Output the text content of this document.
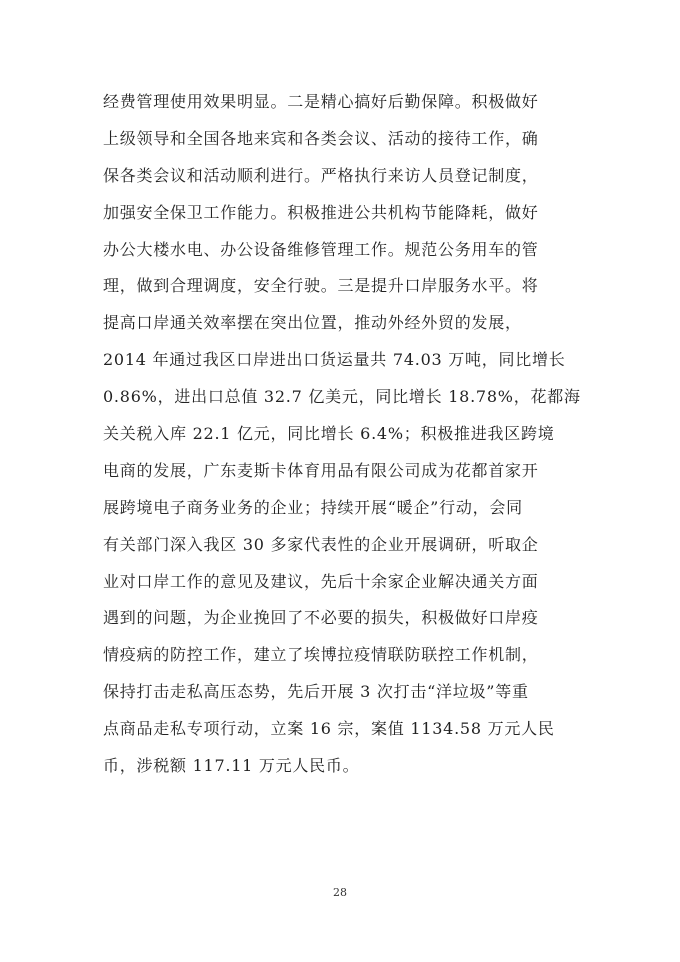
经费管理使用效果明显。二是精心搞好后勤保障。积极做好
上级领导和全国各地来宾和各类会议、活动的接待工作，确
保各类会议和活动顺利进行。严格执行来访人员登记制度，
加强安全保卫工作能力。积极推进公共机构节能降耗，做好
办公大楼水电、办公设备维修管理工作。规范公务用车的管
理，做到合理调度，安全行驶。三是提升口岸服务水平。将
提高口岸通关效率摆在突出位置，推动外经外贸的发展，
2014 年通过我区口岸进出口货运量共 74.03 万吨，同比增长
0.86%，进出口总值 32.7 亿美元，同比增长 18.78%，花都海
关关税入库 22.1 亿元，同比增长 6.4%；积极推进我区跨境
电商的发展，广东麦斯卡体育用品有限公司成为花都首家开
展跨境电子商务业务的企业；持续开展“暖企”行动，会同
有关部门深入我区 30 多家代表性的企业开展调研，听取企
业对口岸工作的意见及建议，先后十余家企业解决通关方面
遇到的问题，为企业挽回了不必要的损失，积极做好口岸疫
情疫病的防控工作，建立了埃博拉疫情联防联控工作机制，
保持打击走私高压态势，先后开展 3 次打击“洋垃圾”等重
点商品走私专项行动，立案 16 宗，案值 1134.58 万元人民
币，涉税额 117.11 万元人民币。
28
